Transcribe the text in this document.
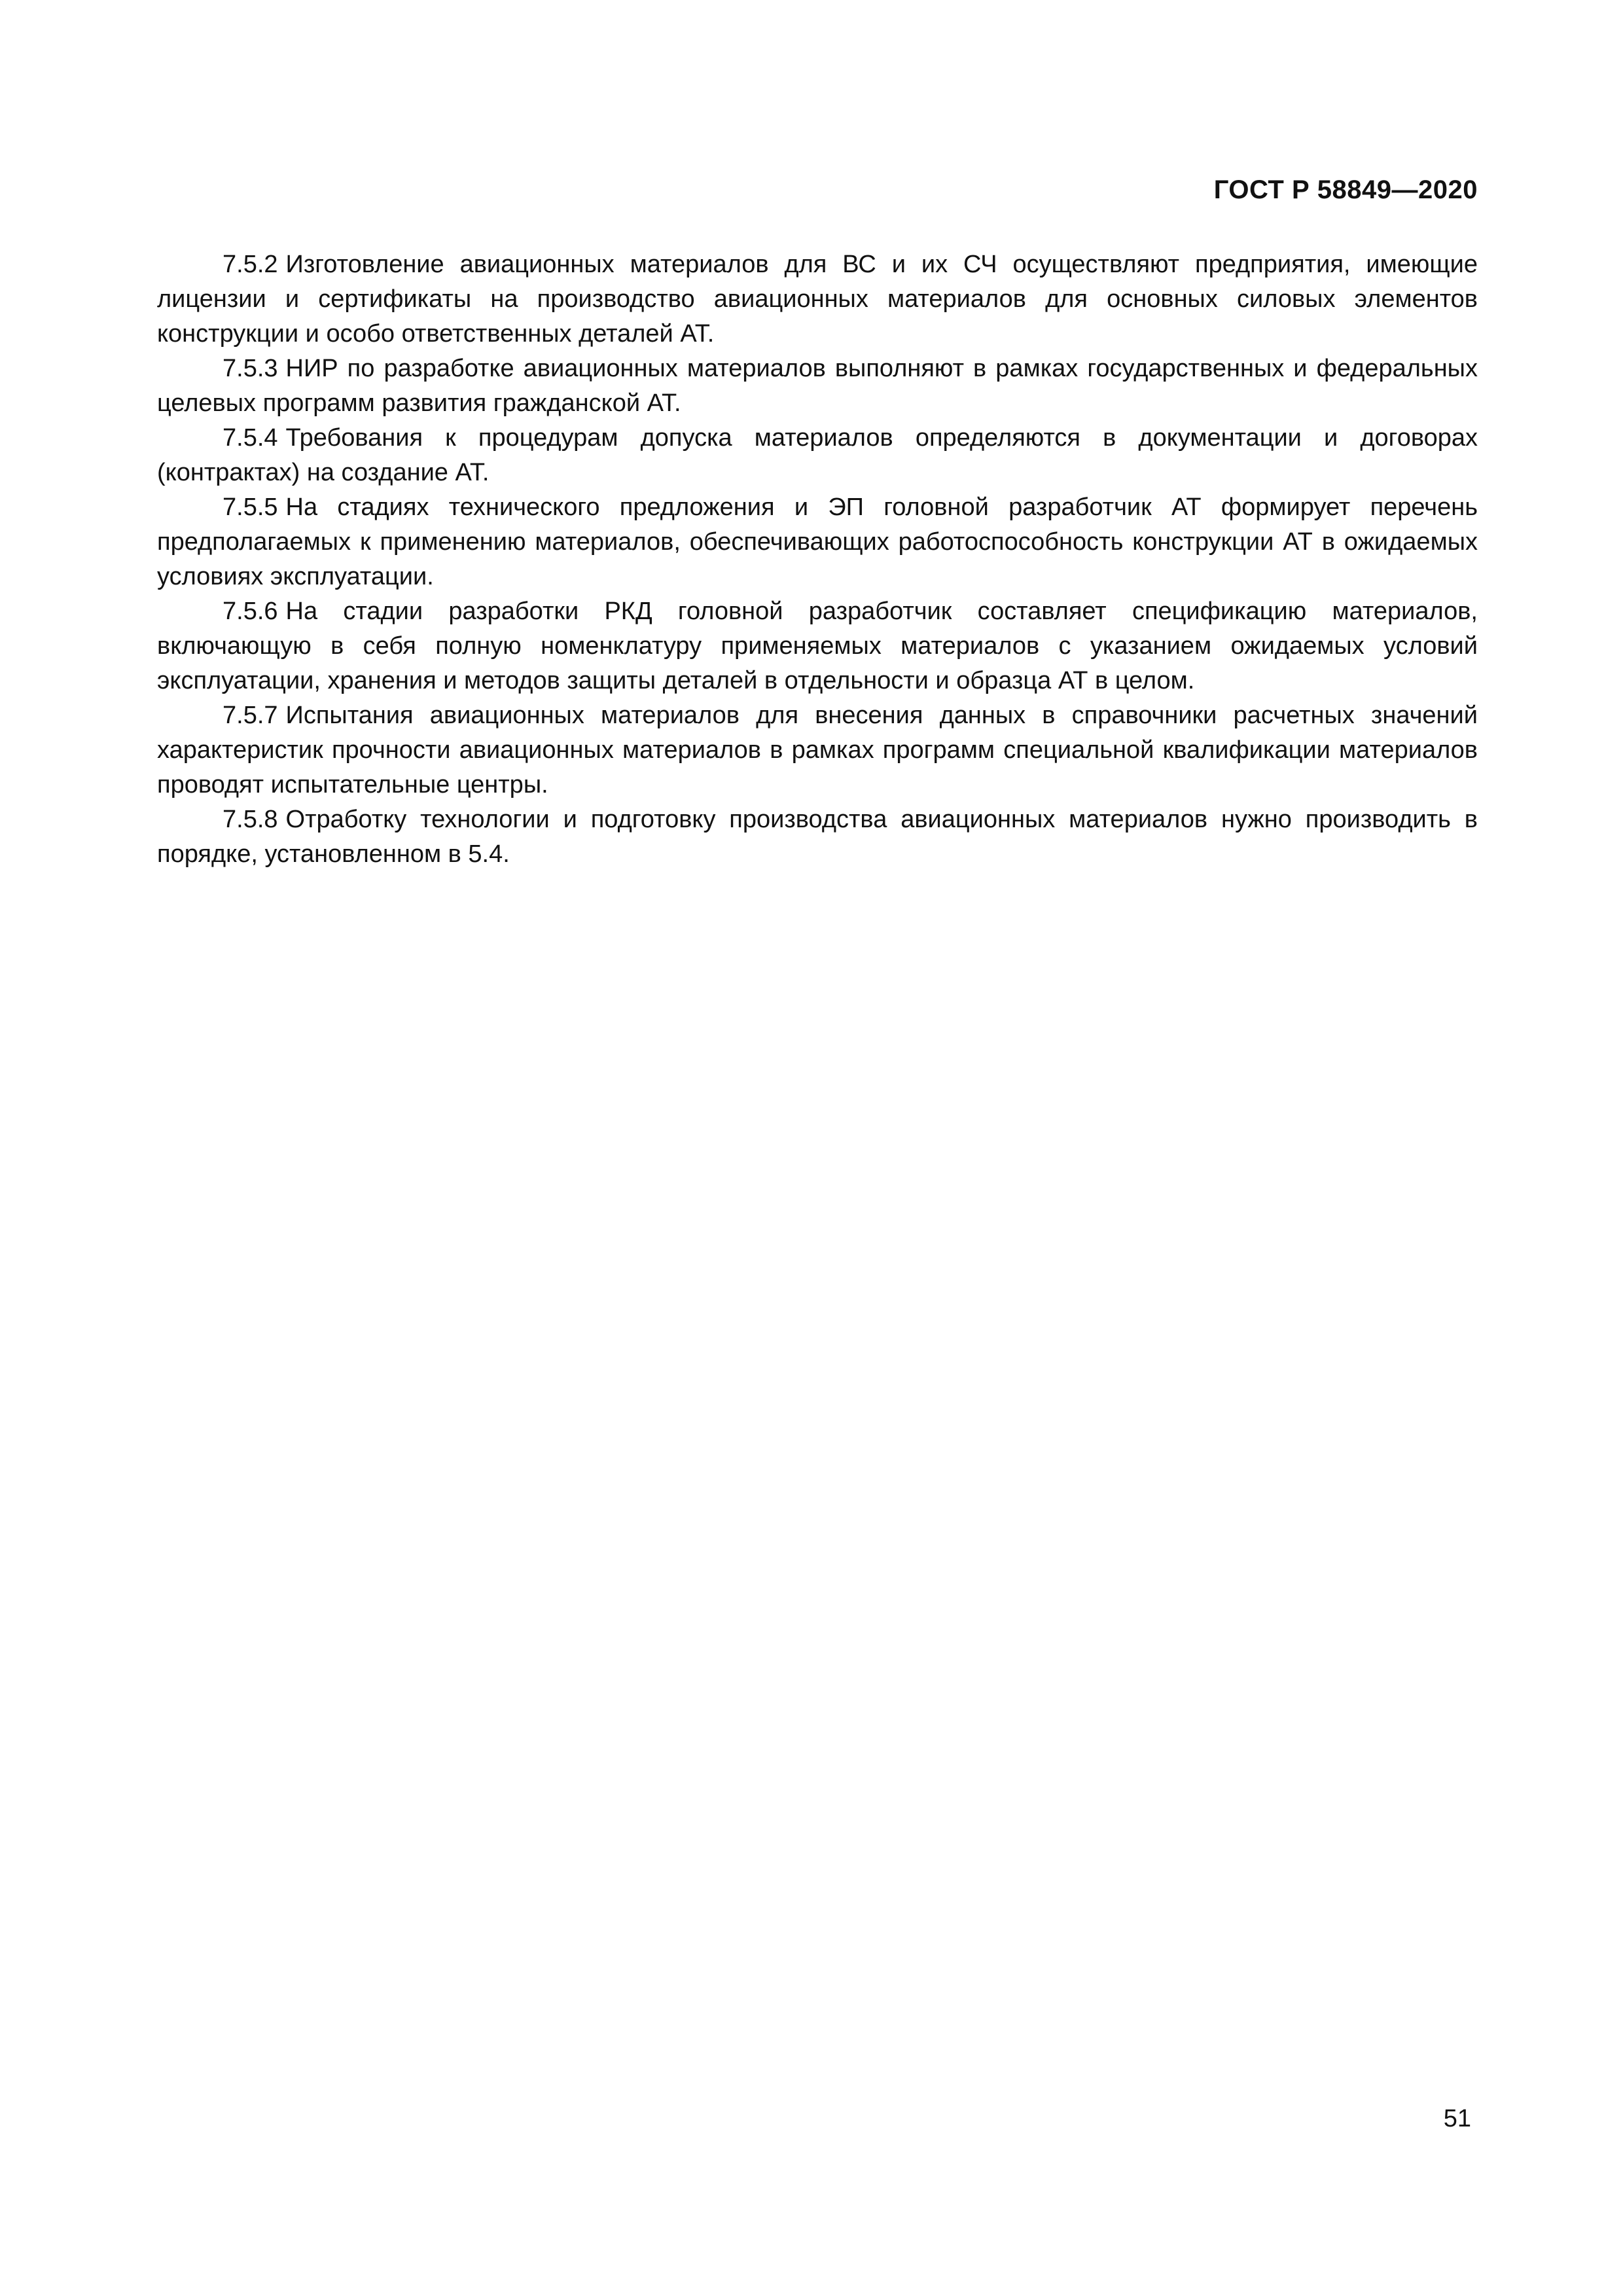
ГОСТ Р 58849—2020

7.5.2 Изготовление авиационных материалов для ВС и их СЧ осуществляют предприятия, имеющие лицензии и сертификаты на производство авиационных материалов для основных силовых элементов конструкции и особо ответственных деталей АТ.

7.5.3 НИР по разработке авиационных материалов выполняют в рамках государственных и федеральных целевых программ развития гражданской АТ.

7.5.4 Требования к процедурам допуска материалов определяются в документации и договорах (контрактах) на создание АТ.

7.5.5 На стадиях технического предложения и ЭП головной разработчик АТ формирует перечень предполагаемых к применению материалов, обеспечивающих работоспособность конструкции АТ в ожидаемых условиях эксплуатации.

7.5.6 На стадии разработки РКД головной разработчик составляет спецификацию материалов, включающую в себя полную номенклатуру применяемых материалов с указанием ожидаемых условий эксплуатации, хранения и методов защиты деталей в отдельности и образца АТ в целом.

7.5.7 Испытания авиационных материалов для внесения данных в справочники расчетных значений характеристик прочности авиационных материалов в рамках программ специальной квалификации материалов проводят испытательные центры.

7.5.8 Отработку технологии и подготовку производства авиационных материалов нужно производить в порядке, установленном в 5.4.

51
